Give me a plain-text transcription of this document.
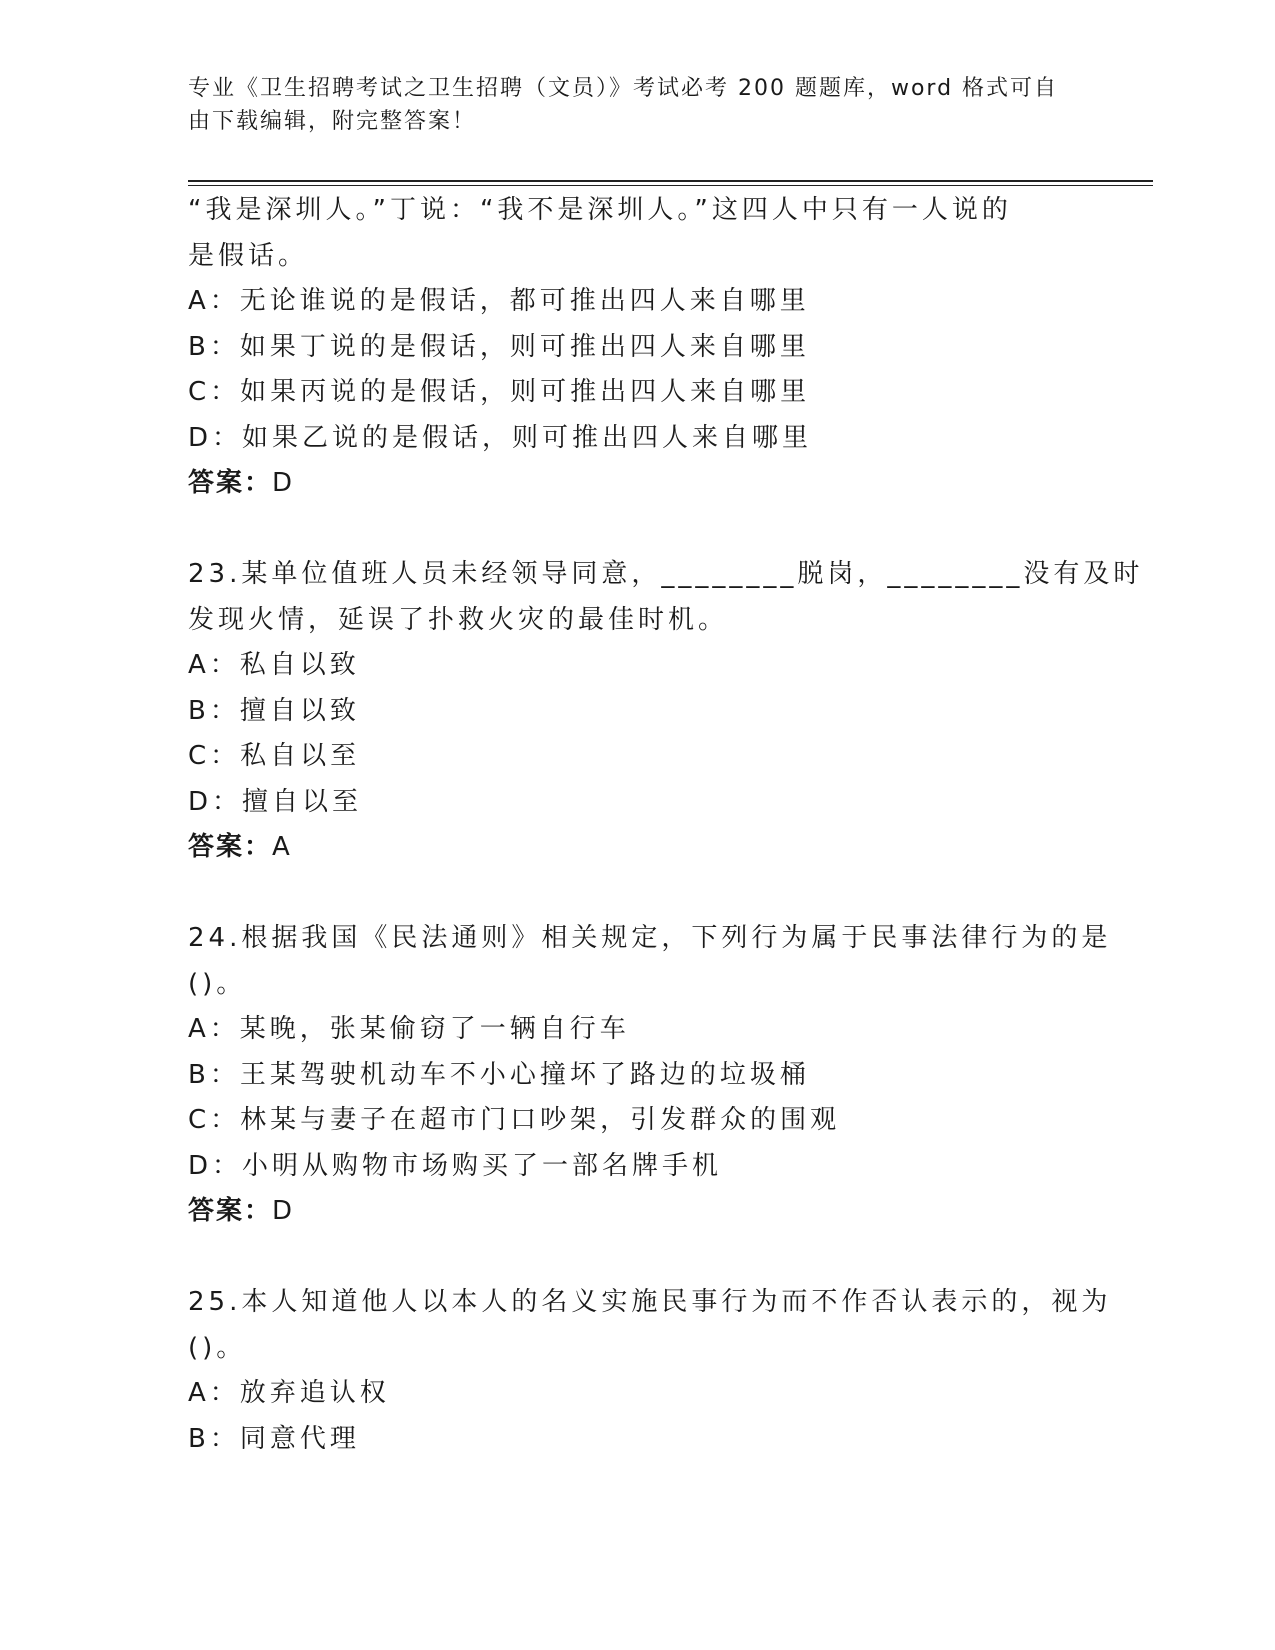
专业《卫生招聘考试之卫生招聘（文员）》考试必考 200 题题库，word 格式可自
由下载编辑，附完整答案！
“我是深圳人。”丁说：“我不是深圳人。”这四人中只有一人说的
是假话。
A：无论谁说的是假话，都可推出四人来自哪里
B：如果丁说的是假话，则可推出四人来自哪里
C：如果丙说的是假话，则可推出四人来自哪里
D：如果乙说的是假话，则可推出四人来自哪里
答案：D
23.某单位值班人员未经领导同意，________脱岗，________没有及时
发现火情，延误了扑救火灾的最佳时机。
A：私自以致
B：擅自以致
C：私自以至
D：擅自以至
答案：A
24.根据我国《民法通则》相关规定，下列行为属于民事法律行为的是
()。
A：某晚，张某偷窃了一辆自行车
B：王某驾驶机动车不小心撞坏了路边的垃圾桶
C：林某与妻子在超市门口吵架，引发群众的围观
D：小明从购物市场购买了一部名牌手机
答案：D
25.本人知道他人以本人的名义实施民事行为而不作否认表示的，视为
()。
A：放弃追认权
B：同意代理
